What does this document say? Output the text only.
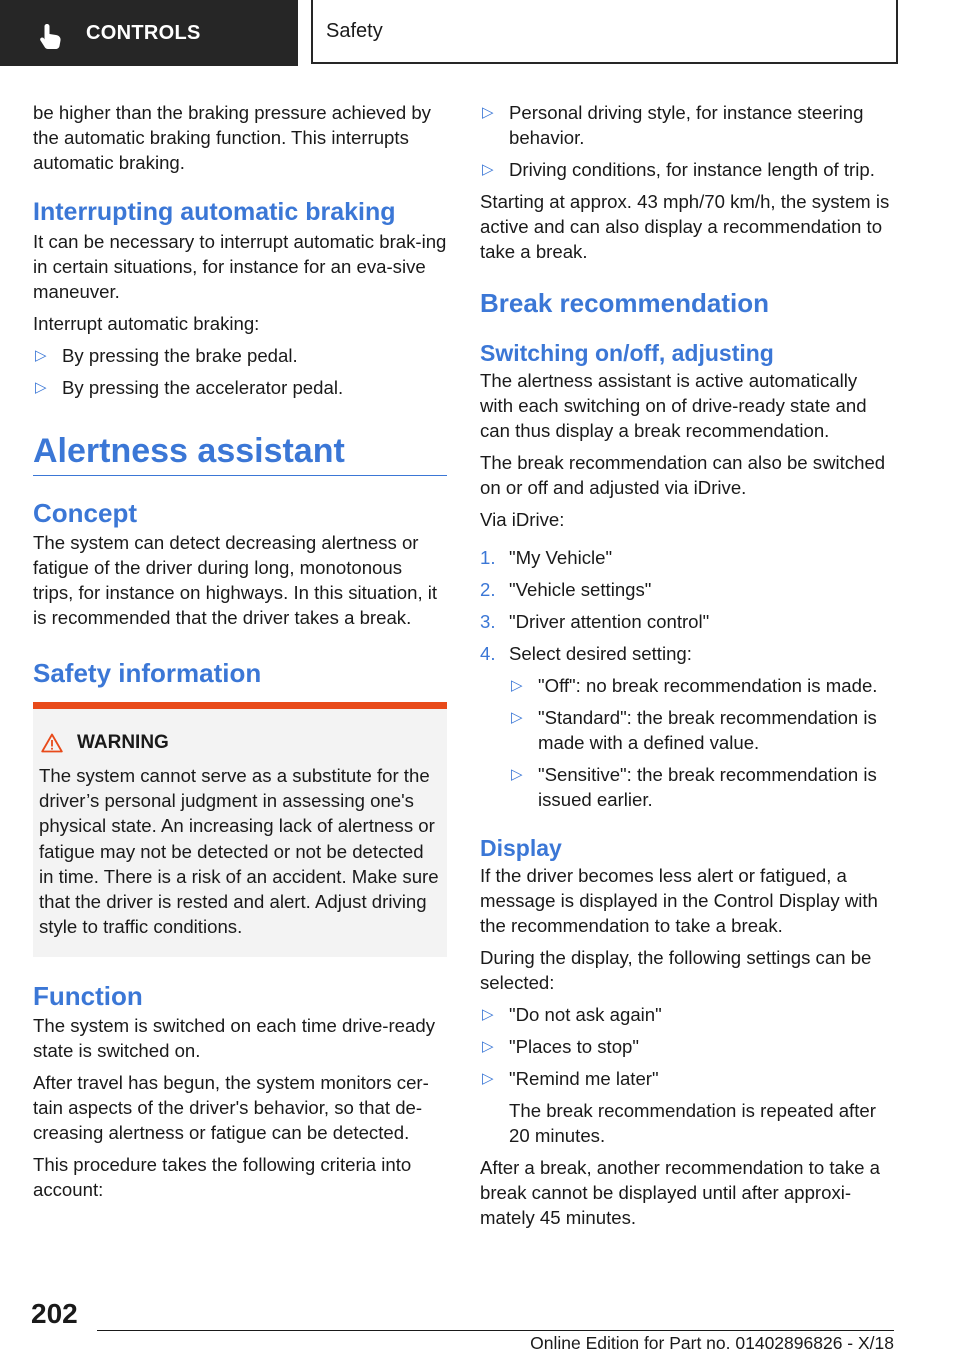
CONTROLS	Safety

be higher than the braking pressure achieved by the automatic braking function. This interrupts automatic braking.

Interrupting automatic braking

It can be necessary to interrupt automatic brak‐ing in certain situations, for instance for an eva‐sive maneuver.

Interrupt automatic braking:

▷ By pressing the brake pedal.
▷ By pressing the accelerator pedal.
Alertness assistant
Concept

The system can detect decreasing alertness or fatigue of the driver during long, monotonous trips, for instance on highways. In this situation, it is recommended that the driver takes a break.

Safety information
WARNING

The system cannot serve as a substitute for the driver’s personal judgment in assessing one's physical state. An increasing lack of alertness or fatigue may not be detected or not be detected in time. There is a risk of an accident. Make sure that the driver is rested and alert. Adjust driving style to traffic conditions.

Function

The system is switched on each time drive-ready state is switched on.

After travel has begun, the system monitors cer‐tain aspects of the driver's behavior, so that de‐creasing alertness or fatigue can be detected.

This procedure takes the following criteria into account:

▷ Personal driving style, for instance steering behavior.
▷ Driving conditions, for instance length of trip.

Starting at approx. 43 mph/70 km/h, the system is active and can also display a recommendation to take a break.

Break recommendation
Switching on/off, adjusting

The alertness assistant is active automatically with each switching on of drive-ready state and can thus display a break recommendation.

The break recommendation can also be switched on or off and adjusted via iDrive.

Via iDrive:

1. "My Vehicle"
2. "Vehicle settings"
3. "Driver attention control"
4. Select desired setting:
▷ "Off": no break recommendation is made.
▷ "Standard": the break recommendation is made with a defined value.
▷ "Sensitive": the break recommendation is issued earlier.
Display

If the driver becomes less alert or fatigued, a message is displayed in the Control Display with the recommendation to take a break.

During the display, the following settings can be selected:

▷ "Do not ask again"
▷ "Places to stop"
▷ "Remind me later"
The break recommendation is repeated after 20 minutes.

After a break, another recommendation to take a break cannot be displayed until after approxi‐mately 45 minutes.

202
Online Edition for Part no. 01402896826 - X/18
